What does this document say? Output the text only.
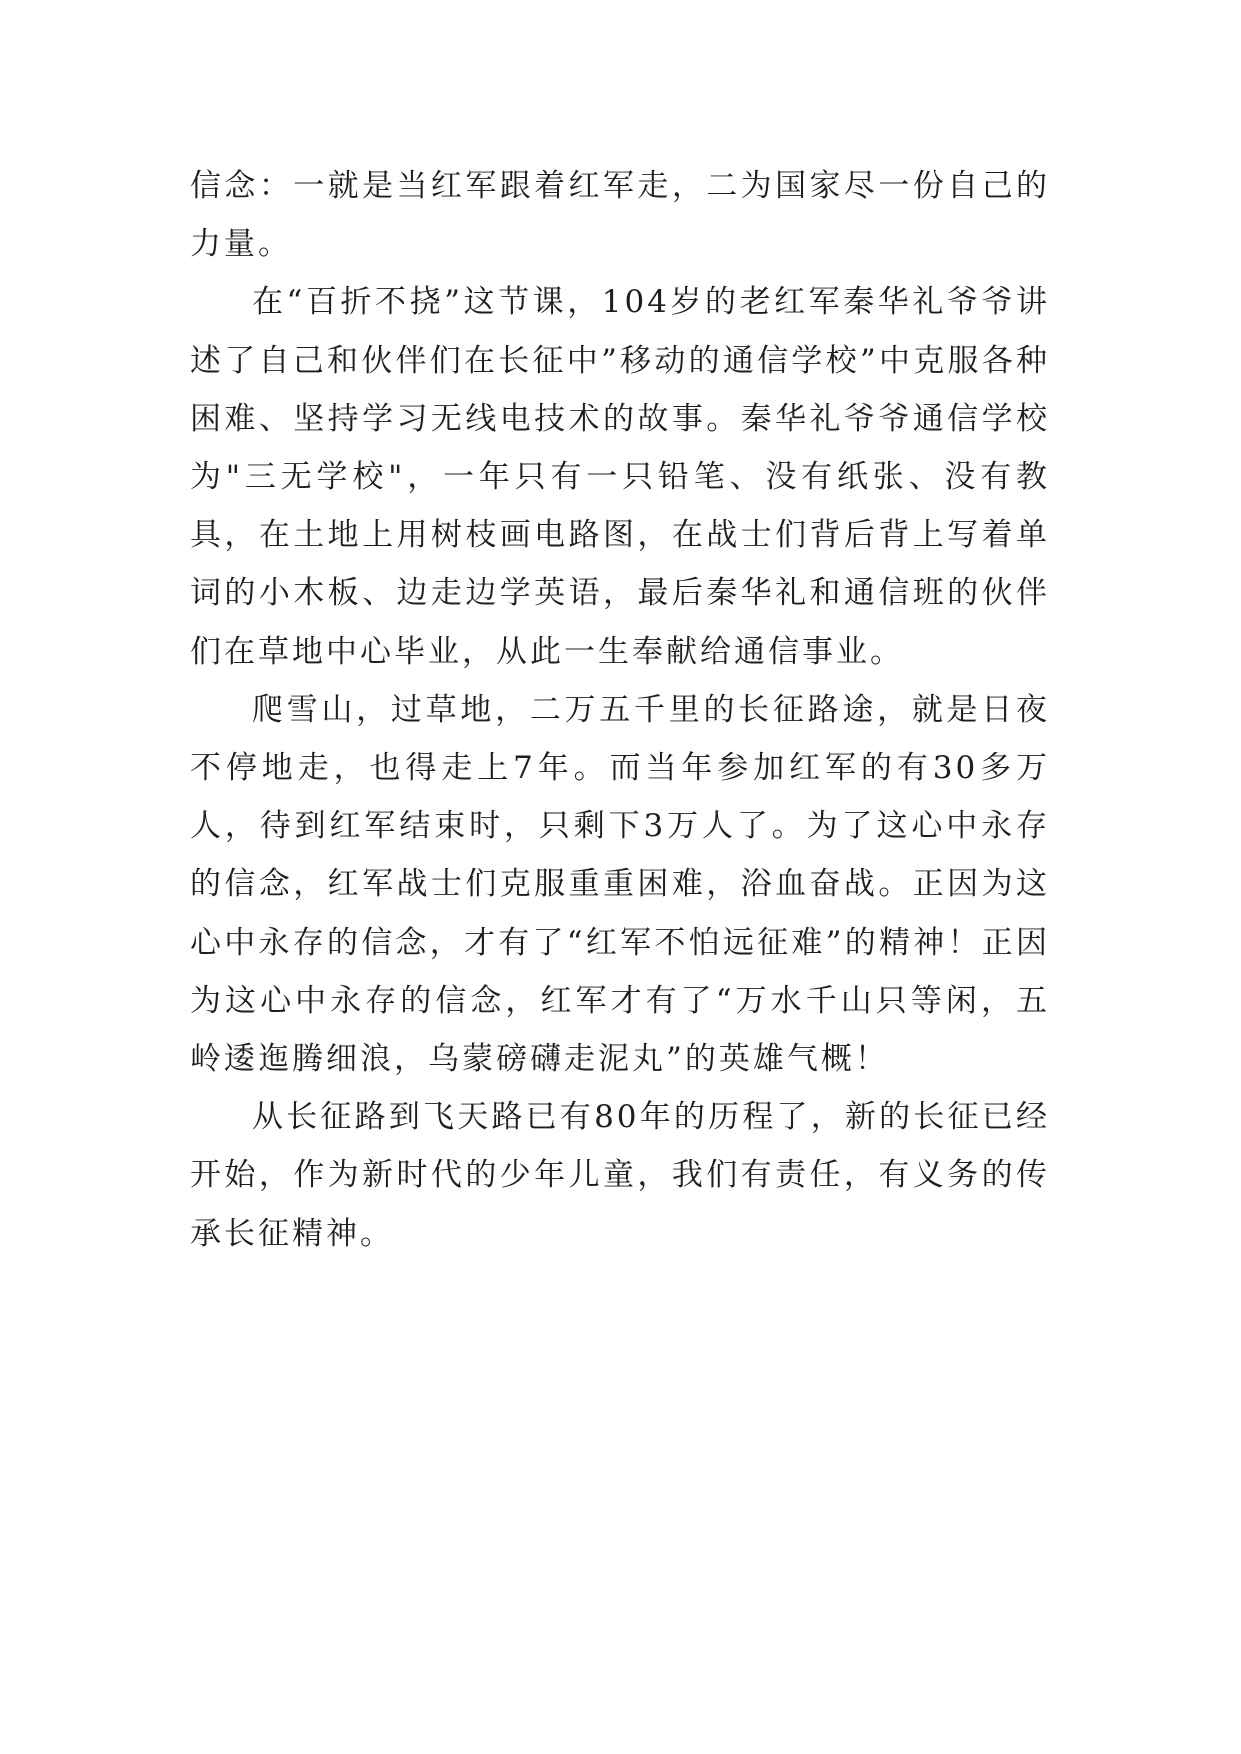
信念：一就是当红军跟着红军走，二为国家尽一份自己的力量。

在“百折不挠”这节课，104岁的老红军秦华礼爷爷讲述了自己和伙伴们在长征中”移动的通信学校”中克服各种困难、坚持学习无线电技术的故事。秦华礼爷爷通信学校为"三无学校"，一年只有一只铅笔、没有纸张、没有教具，在土地上用树枝画电路图，在战士们背后背上写着单词的小木板、边走边学英语，最后秦华礼和通信班的伙伴们在草地中心毕业，从此一生奉献给通信事业。

爬雪山，过草地，二万五千里的长征路途，就是日夜不停地走，也得走上7年。而当年参加红军的有30多万人，待到红军结束时，只剩下3万人了。为了这心中永存的信念，红军战士们克服重重困难，浴血奋战。正因为这心中永存的信念，才有了“红军不怕远征难”的精神！正因为这心中永存的信念，红军才有了“万水千山只等闲，五岭逶迤腾细浪，乌蒙磅礴走泥丸”的英雄气概！

从长征路到飞天路已有80年的历程了，新的长征已经开始，作为新时代的少年儿童，我们有责任，有义务的传承长征精神。
